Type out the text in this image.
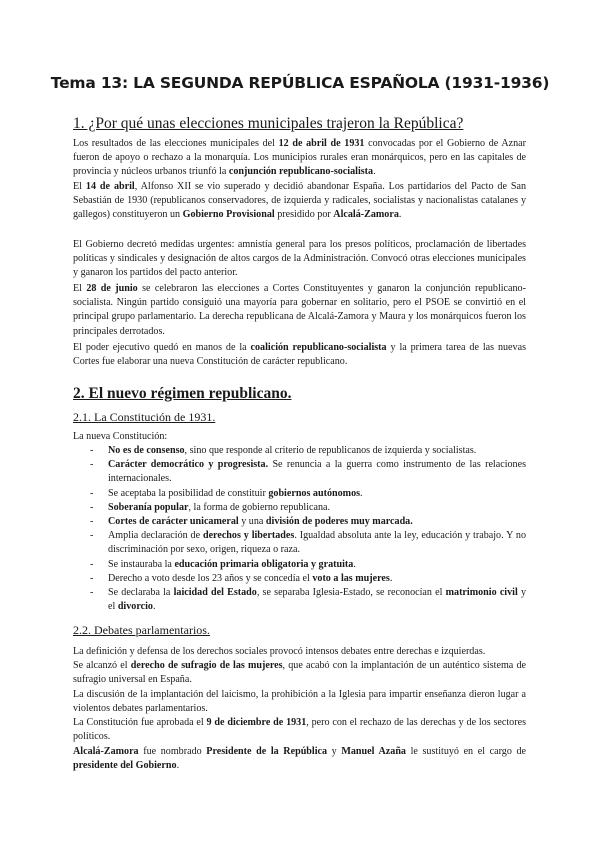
Tema 13: LA SEGUNDA REPÚBLICA ESPAÑOLA (1931-1936)
1. ¿Por qué unas elecciones municipales trajeron la República?
Los resultados de las elecciones municipales del 12 de abril de 1931 convocadas por el Gobierno de Aznar fueron de apoyo o rechazo a la monarquía. Los municipios rurales eran monárquicos, pero en las capitales de provincia y núcleos urbanos triunfó la conjunción republicano-socialista.
El 14 de abril, Alfonso XII se vio superado y decidió abandonar España. Los partidarios del Pacto de San Sebastián de 1930 (republicanos conservadores, de izquierda y radicales, socialistas y nacionalistas catalanes y gallegos) constituyeron un Gobierno Provisional presidido por Alcalá-Zamora.
El Gobierno decretó medidas urgentes: amnistía general para los presos políticos, proclamación de libertades políticas y sindicales y designación de altos cargos de la Administración. Convocó otras elecciones municipales y ganaron los partidos del pacto anterior.
El 28 de junio se celebraron las elecciones a Cortes Constituyentes y ganaron la conjunción republicano-socialista. Ningún partido consiguió una mayoría para gobernar en solitario, pero el PSOE se convirtió en el principal grupo parlamentario. La derecha republicana de Alcalá-Zamora y Maura y los monárquicos fueron los principales derrotados.
El poder ejecutivo quedó en manos de la coalición republicano-socialista y la primera tarea de las nuevas Cortes fue elaborar una nueva Constitución de carácter republicano.
2. El nuevo régimen republicano.
2.1. La Constitución de 1931.
La nueva Constitución:
- No es de consenso, sino que responde al criterio de republicanos de izquierda y socialistas.
- Carácter democrático y progresista. Se renuncia a la guerra como instrumento de las relaciones internacionales.
- Se aceptaba la posibilidad de constituir gobiernos autónomos.
- Soberanía popular, la forma de gobierno republicana.
- Cortes de carácter unicameral y una división de poderes muy marcada.
- Amplia declaración de derechos y libertades. Igualdad absoluta ante la ley, educación y trabajo. Y no discriminación por sexo, origen, riqueza o raza.
- Se instauraba la educación primaria obligatoria y gratuita.
- Derecho a voto desde los 23 años y se concedía el voto a las mujeres.
- Se declaraba la laicidad del Estado, se separaba Iglesia-Estado, se reconocían el matrimonio civil y el divorcio.
2.2. Debates parlamentarios.
La definición y defensa de los derechos sociales provocó intensos debates entre derechas e izquierdas.
Se alcanzó el derecho de sufragio de las mujeres, que acabó con la implantación de un auténtico sistema de sufragio universal en España.
La discusión de la implantación del laicismo, la prohibición a la Iglesia para impartir enseñanza dieron lugar a violentos debates parlamentarios.
La Constitución fue aprobada el 9 de diciembre de 1931, pero con el rechazo de las derechas y de los sectores políticos.
Alcalá-Zamora fue nombrado Presidente de la República y Manuel Azaña le sustituyó en el cargo de presidente del Gobierno.
